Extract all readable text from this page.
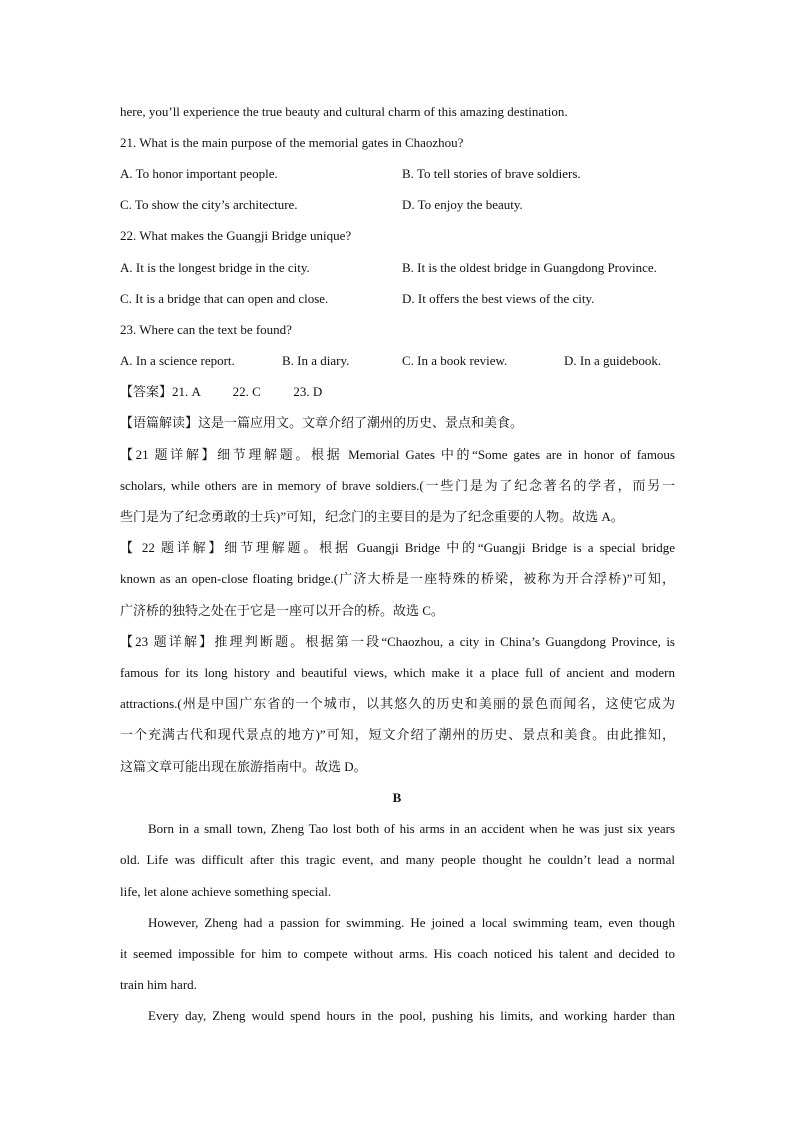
here, you’ll experience the true beauty and cultural charm of this amazing destination.
21. What is the main purpose of the memorial gates in Chaozhou?
A. To honor important people.	B. To tell stories of brave soldiers.
C. To show the city’s architecture.	D. To enjoy the beauty.
22. What makes the Guangji Bridge unique?
A. It is the longest bridge in the city.	B. It is the oldest bridge in Guangdong Province.
C. It is a bridge that can open and close.	D. It offers the best views of the city.
23. Where can the text be found?
A. In a science report.	B. In a diary.	C. In a book review.	D. In a guidebook.
【答案】21. A          22. C          23. D
【语篇解读】这是一篇应用文。文章介绍了潮州的历史、景点和美食。
【21 题详解】细节理解题。根据 Memorial Gates 中的“Some gates are in honor of famous
scholars, while others are in memory of brave soldiers.(一些门是为了纪念著名的学者，而另一
些门是为了纪念勇敢的士兵)”可知，纪念门的主要目的是为了纪念重要的人物。故选 A。
【 22 题详解】细节理解题。根据 Guangji Bridge 中的“Guangji Bridge is a special bridge
known as an open-close floating bridge.(广济大桥是一座特殊的桥梁，被称为开合浮桥)”可知，
广济桥的独特之处在于它是一座可以开合的桥。故选 C。
【23 题详解】推理判断题。根据第一段“Chaozhou, a city in China’s Guangdong Province, is
famous for its long history and beautiful views, which make it a place full of ancient and modern
attractions.(州是中国广东省的一个城市，以其悠久的历史和美丽的景色而闻名，这使它成为
一个充满古代和现代景点的地方)”可知，短文介绍了潮州的历史、景点和美食。由此推知，
这篇文章可能出现在旅游指南中。故选 D。
B
Born in a small town, Zheng Tao lost both of his arms in an accident when he was just six years
old. Life was difficult after this tragic event, and many people thought he couldn’t lead a normal
life, let alone achieve something special.
However, Zheng had a passion for swimming. He joined a local swimming team, even though
it seemed impossible for him to compete without arms. His coach noticed his talent and decided to
train him hard.
Every day, Zheng would spend hours in the pool, pushing his limits, and working harder than
